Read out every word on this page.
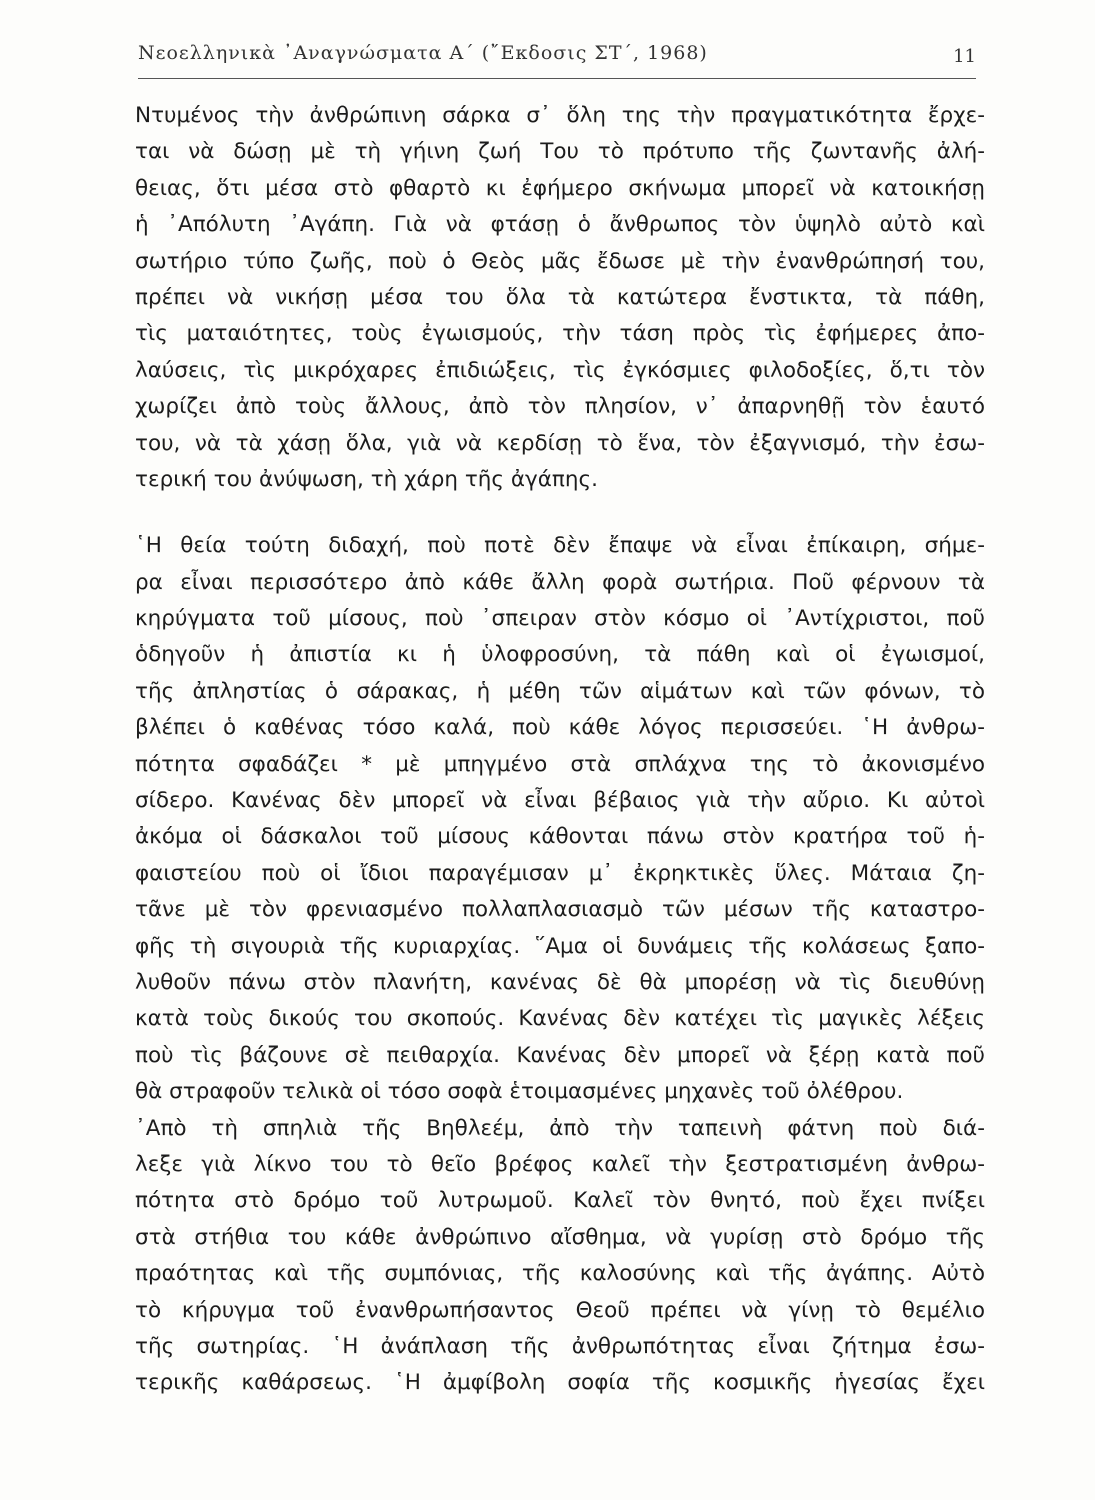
Νεοελληνικὰ ᾽Αναγνώσματα Α΄ (῎Εκδοσις ΣΤ΄, 1968)	11

Ντυμένος τὴν ἀνθρώπινη σάρκα σ᾽ ὅλη της τὴν πραγματικότητα ἔρχε-
ται νὰ δώσῃ μὲ τὴ γήινη ζωή Του τὸ πρότυπο τῆς ζωντανῆς ἀλή-
θειας, ὅτι μέσα στὸ φθαρτὸ κι ἐφήμερο σκήνωμα μπορεῖ νὰ κατοικήσῃ
ἡ ᾽Απόλυτη ᾽Αγάπη. Γιὰ νὰ φτάσῃ ὁ ἄνθρωπος τὸν ὑψηλὸ αὐτὸ καὶ
σωτήριο τύπο ζωῆς, ποὺ ὁ Θεὸς μᾶς ἔδωσε μὲ τὴν ἐνανθρώπησή του,
πρέπει νὰ νικήσῃ μέσα του ὅλα τὰ κατώτερα ἔνστικτα, τὰ πάθη,
τὶς ματαιότητες, τοὺς ἐγωισμούς, τὴν τάση πρὸς τὶς ἐφήμερες ἀπο-
λαύσεις, τὶς μικρόχαρες ἐπιδιώξεις, τὶς ἐγκόσμιες φιλοδοξίες, ὅ,τι τὸν
χωρίζει ἀπὸ τοὺς ἄλλους, ἀπὸ τὸν πλησίον, ν᾽ ἀπαρνηθῇ τὸν ἑαυτό
του, νὰ τὰ χάσῃ ὅλα, γιὰ νὰ κερδίσῃ τὸ ἕνα, τὸν ἐξαγνισμό, τὴν ἐσω-
τερική του ἀνύψωση, τὴ χάρη τῆς ἀγάπης.

῾Η θεία τούτη διδαχή, ποὺ ποτὲ δὲν ἔπαψε νὰ εἶναι ἐπίκαιρη, σήμε-
ρα εἶναι περισσότερο ἀπὸ κάθε ἄλλη φορὰ σωτήρια. Ποῦ φέρνουν τὰ
κηρύγματα τοῦ μίσους, ποὺ ᾽σπειραν στὸν κόσμο οἱ ᾽Αντίχριστοι, ποῦ
ὁδηγοῦν ἡ ἀπιστία κι ἡ ὑλοφροσύνη, τὰ πάθη καὶ οἱ ἐγωισμοί,
τῆς ἀπληστίας ὁ σάρακας, ἡ μέθη τῶν αἱμάτων καὶ τῶν φόνων, τὸ
βλέπει ὁ καθένας τόσο καλά, ποὺ κάθε λόγος περισσεύει. ῾Η ἀνθρω-
πότητα σφαδάζει * μὲ μπηγμένο στὰ σπλάχνα της τὸ ἀκονισμένο
σίδερο. Κανένας δὲν μπορεῖ νὰ εἶναι βέβαιος γιὰ τὴν αὔριο. Κι αὐτοὶ
ἀκόμα οἱ δάσκαλοι τοῦ μίσους κάθονται πάνω στὸν κρατήρα τοῦ ἡ-
φαιστείου ποὺ οἱ ἴδιοι παραγέμισαν μ᾽ ἐκρηκτικὲς ὕλες. Μάταια ζη-
τᾶνε μὲ τὸν φρενιασμένο πολλαπλασιασμὸ τῶν μέσων τῆς καταστρο-
φῆς τὴ σιγουριὰ τῆς κυριαρχίας. ῞Αμα οἱ δυνάμεις τῆς κολάσεως ξαπο-
λυθοῦν πάνω στὸν πλανήτη, κανένας δὲ θὰ μπορέσῃ νὰ τὶς διευθύνῃ
κατὰ τοὺς δικούς του σκοπούς. Κανένας δὲν κατέχει τὶς μαγικὲς λέξεις
ποὺ τὶς βάζουνε σὲ πειθαρχία. Κανένας δὲν μπορεῖ νὰ ξέρῃ κατὰ ποῦ
θὰ στραφοῦν τελικὰ οἱ τόσο σοφὰ ἑτοιμασμένες μηχανὲς τοῦ ὀλέθρου.

᾽Απὸ τὴ σπηλιὰ τῆς Βηθλεέμ, ἀπὸ τὴν ταπεινὴ φάτνη ποὺ διά-
λεξε γιὰ λίκνο του τὸ θεῖο βρέφος καλεῖ τὴν ξεστρατισμένη ἀνθρω-
πότητα στὸ δρόμο τοῦ λυτρωμοῦ. Καλεῖ τὸν θνητό, ποὺ ἔχει πνίξει
στὰ στήθια του κάθε ἀνθρώπινο αἴσθημα, νὰ γυρίσῃ στὸ δρόμο τῆς
πραότητας καὶ τῆς συμπόνιας, τῆς καλοσύνης καὶ τῆς ἀγάπης. Αὐτὸ
τὸ κήρυγμα τοῦ ἐνανθρωπήσαντος Θεοῦ πρέπει νὰ γίνῃ τὸ θεμέλιο
τῆς σωτηρίας. ῾Η ἀνάπλαση τῆς ἀνθρωπότητας εἶναι ζήτημα ἐσω-
τερικῆς καθάρσεως. ῾Η ἀμφίβολη σοφία τῆς κοσμικῆς ἡγεσίας ἔχει
